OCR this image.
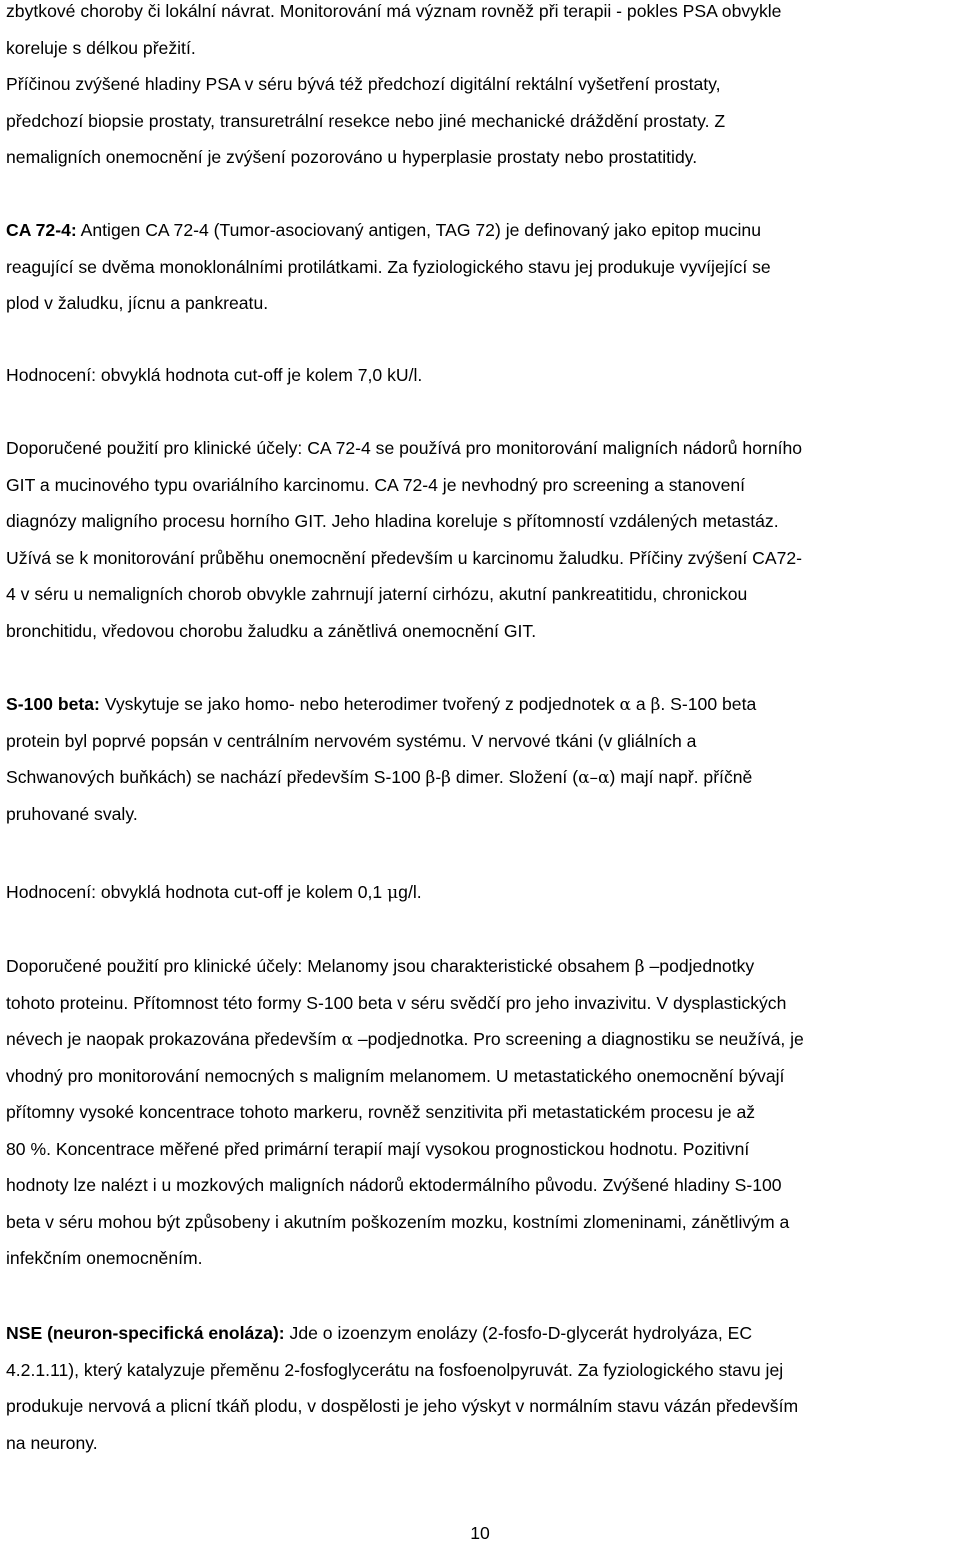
zbytkové choroby či lokální návrat. Monitorování má význam rovněž při terapii - pokles PSA obvykle
koreluje s délkou přežití.
Příčinou zvýšené hladiny PSA v séru bývá též předchozí digitální rektální vyšetření prostaty,
předchozí biopsie prostaty, transuretrální resekce nebo jiné mechanické dráždění prostaty. Z
nemaligních onemocnění je zvýšení pozorováno u hyperplasie prostaty nebo prostatitidy.
CA 72-4: Antigen CA 72-4 (Tumor-asociovaný antigen, TAG 72) je definovaný jako epitop mucinu
reagující se dvěma monoklonálními protilátkami. Za fyziologického stavu jej produkuje vyvíjející se
plod v žaludku, jícnu a pankreatu.
Hodnocení: obvyklá hodnota cut-off je kolem 7,0 kU/l.
Doporučené použití pro klinické účely: CA 72-4 se používá pro monitorování maligních nádorů horního
GIT a mucinového typu ovariálního karcinomu. CA 72-4 je nevhodný pro screening a stanovení
diagnózy maligního procesu horního GIT. Jeho hladina koreluje s přítomností vzdálených metastáz.
Užívá se k monitorování průběhu onemocnění především u karcinomu žaludku. Příčiny zvýšení CA72-
4 v séru u nemaligních chorob obvykle zahrnují jaterní cirhózu, akutní pankreatitidu, chronickou
bronchitidu, vředovou chorobu žaludku a zánětlivá onemocnění GIT.
S-100 beta: Vyskytuje se jako homo- nebo heterodimer tvořený z podjednotek α a β. S-100 beta
protein byl poprvé popsán v centrálním nervovém systému. V nervové tkáni (v gliálních a
Schwanových buňkách) se nachází především S-100 β-β dimer. Složení (α–α) mají např. příčně
pruhované svaly.
Hodnocení: obvyklá hodnota cut-off je kolem 0,1 μg/l.
Doporučené použití pro klinické účely: Melanomy jsou charakteristické obsahem β –podjednotky
tohoto proteinu. Přítomnost této formy S-100 beta v séru svědčí pro jeho invazivitu. V dysplastických
névech je naopak prokazována především α –podjednotka. Pro screening a diagnostiku se neužívá, je
vhodný pro monitorování nemocných s maligním melanomem. U metastatického onemocnění bývají
přítomny vysoké koncentrace tohoto markeru, rovněž senzitivita při metastatickém procesu je až
80 %. Koncentrace měřené před primární terapií mají vysokou prognostickou hodnotu. Pozitivní
hodnoty lze nalézt i u mozkových maligních nádorů ektodermálního původu. Zvýšené hladiny S-100
beta v séru mohou být způsobeny i akutním poškozením mozku, kostními zlomeninami, zánětlivým a
infekčním onemocněním.
NSE (neuron-specifická enoláza): Jde o izoenzym enolázy (2-fosfo-D-glycerát hydrolyáza, EC
4.2.1.11), který katalyzuje přeměnu 2-fosfoglycerátu na fosfoenolpyruvát. Za fyziologického stavu jej
produkuje nervová a plicní tkáň plodu, v dospělosti je jeho výskyt v normálním stavu vázán především
na neurony.
10
